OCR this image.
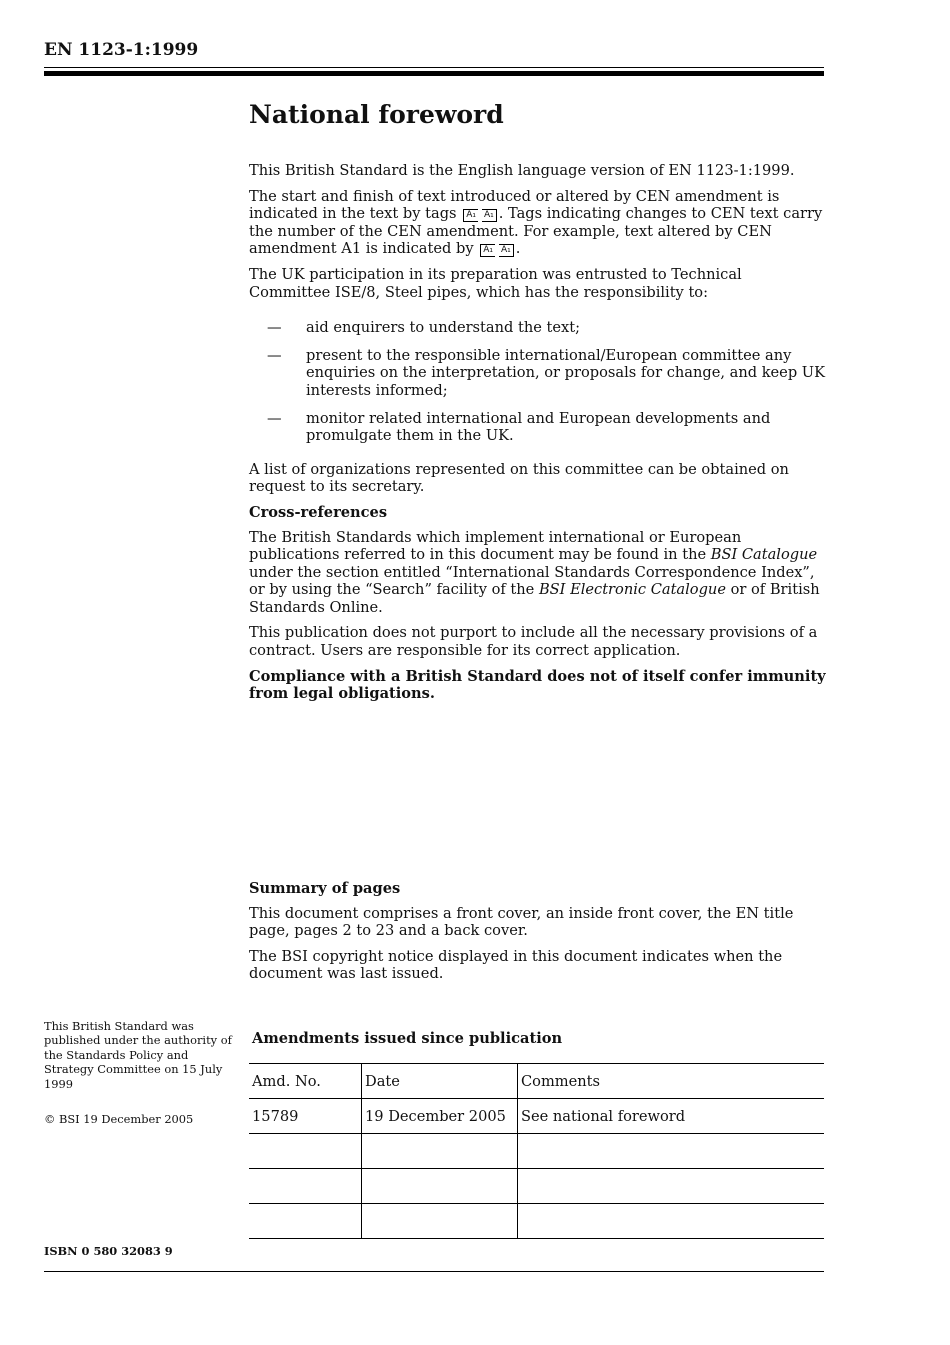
EN 1123-1:1999
National foreword

This British Standard is the English language version of EN 1123-1:1999.

The start and finish of text introduced or altered by CEN amendment is indicated in the text by tags A₁ A₁ . Tags indicating changes to CEN text carry the number of the CEN amendment. For example, text altered by CEN amendment A1 is indicated by A₁ A₁ .

The UK participation in its preparation was entrusted to Technical Committee ISE/8, Steel pipes, which has the responsibility to:

— aid enquirers to understand the text;
— present to the responsible international/European committee any enquiries on the interpretation, or proposals for change, and keep UK interests informed;
— monitor related international and European developments and promulgate them in the UK.

A list of organizations represented on this committee can be obtained on request to its secretary.

Cross-references

The British Standards which implement international or European publications referred to in this document may be found in the BSI Catalogue under the section entitled “International Standards Correspondence Index”, or by using the “Search” facility of the BSI Electronic Catalogue or of British Standards Online.

This publication does not purport to include all the necessary provisions of a contract. Users are responsible for its correct application.

Compliance with a British Standard does not of itself confer immunity from legal obligations.

Summary of pages

This document comprises a front cover, an inside front cover, the EN title page, pages 2 to 23 and a back cover.

The BSI copyright notice displayed in this document indicates when the document was last issued.

This British Standard was published under the authority of the Standards Policy and Strategy Committee on 15 July 1999

© BSI 19 December 2005
ISBN 0 580 32083 9
Amendments issued since publication
Amd. No.	Date	Comments
15789	19 December 2005	See national foreword
